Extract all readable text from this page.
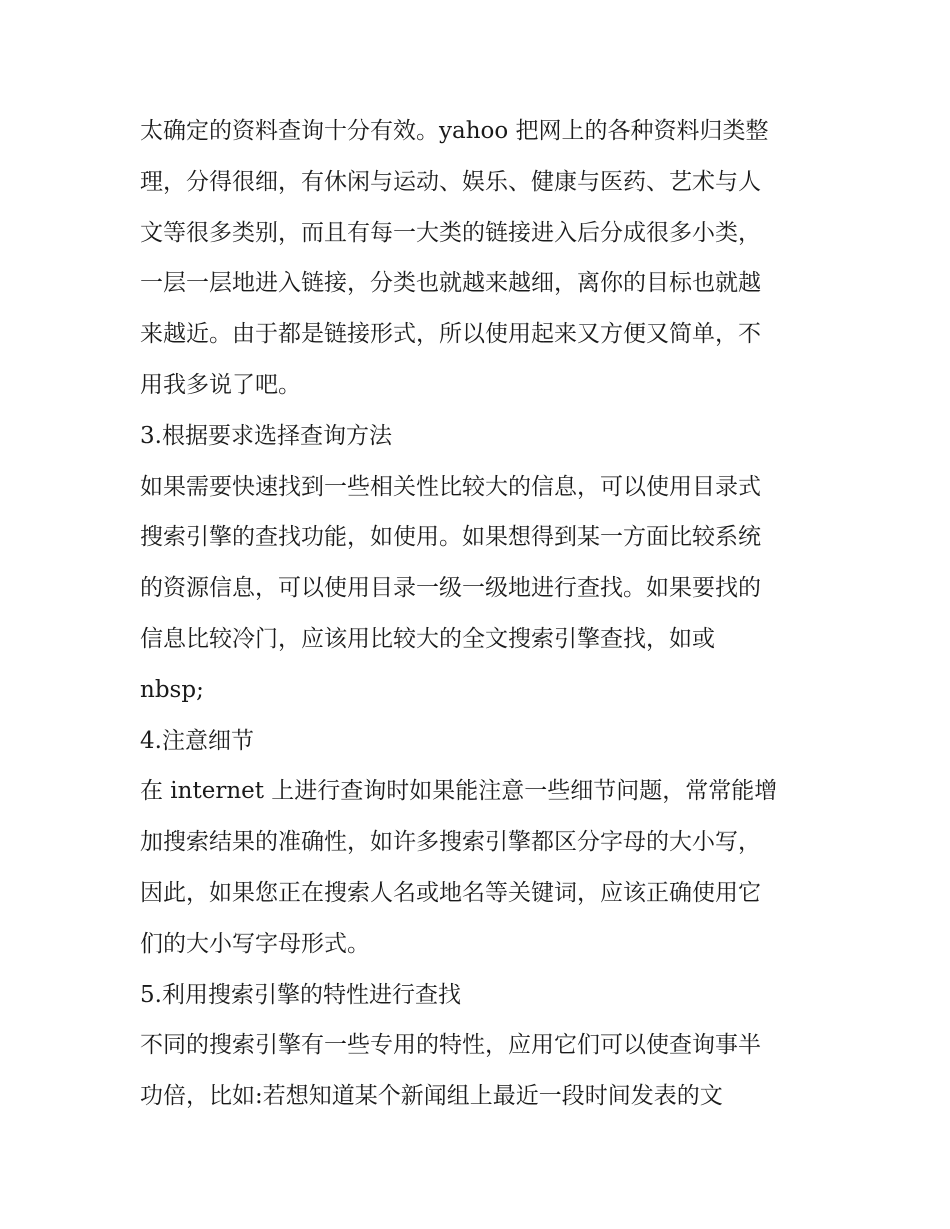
太确定的资料查询十分有效。yahoo 把网上的各种资料归类整
理，分得很细，有休闲与运动、娱乐、健康与医药、艺术与人
文等很多类别，而且有每一大类的链接进入后分成很多小类，
一层一层地进入链接，分类也就越来越细，离你的目标也就越
来越近。由于都是链接形式，所以使用起来又方便又简单，不
用我多说了吧。
3.根据要求选择查询方法
如果需要快速找到一些相关性比较大的信息，可以使用目录式
搜索引擎的查找功能，如使用。如果想得到某一方面比较系统
的资源信息，可以使用目录一级一级地进行查找。如果要找的
信息比较冷门，应该用比较大的全文搜索引擎查找，如或
nbsp;
4.注意细节
在 internet 上进行查询时如果能注意一些细节问题，常常能增
加搜索结果的准确性，如许多搜索引擎都区分字母的大小写，
因此，如果您正在搜索人名或地名等关键词，应该正确使用它
们的大小写字母形式。
5.利用搜索引擎的特性进行查找
不同的搜索引擎有一些专用的特性，应用它们可以使查询事半
功倍，比如:若想知道某个新闻组上最近一段时间发表的文
